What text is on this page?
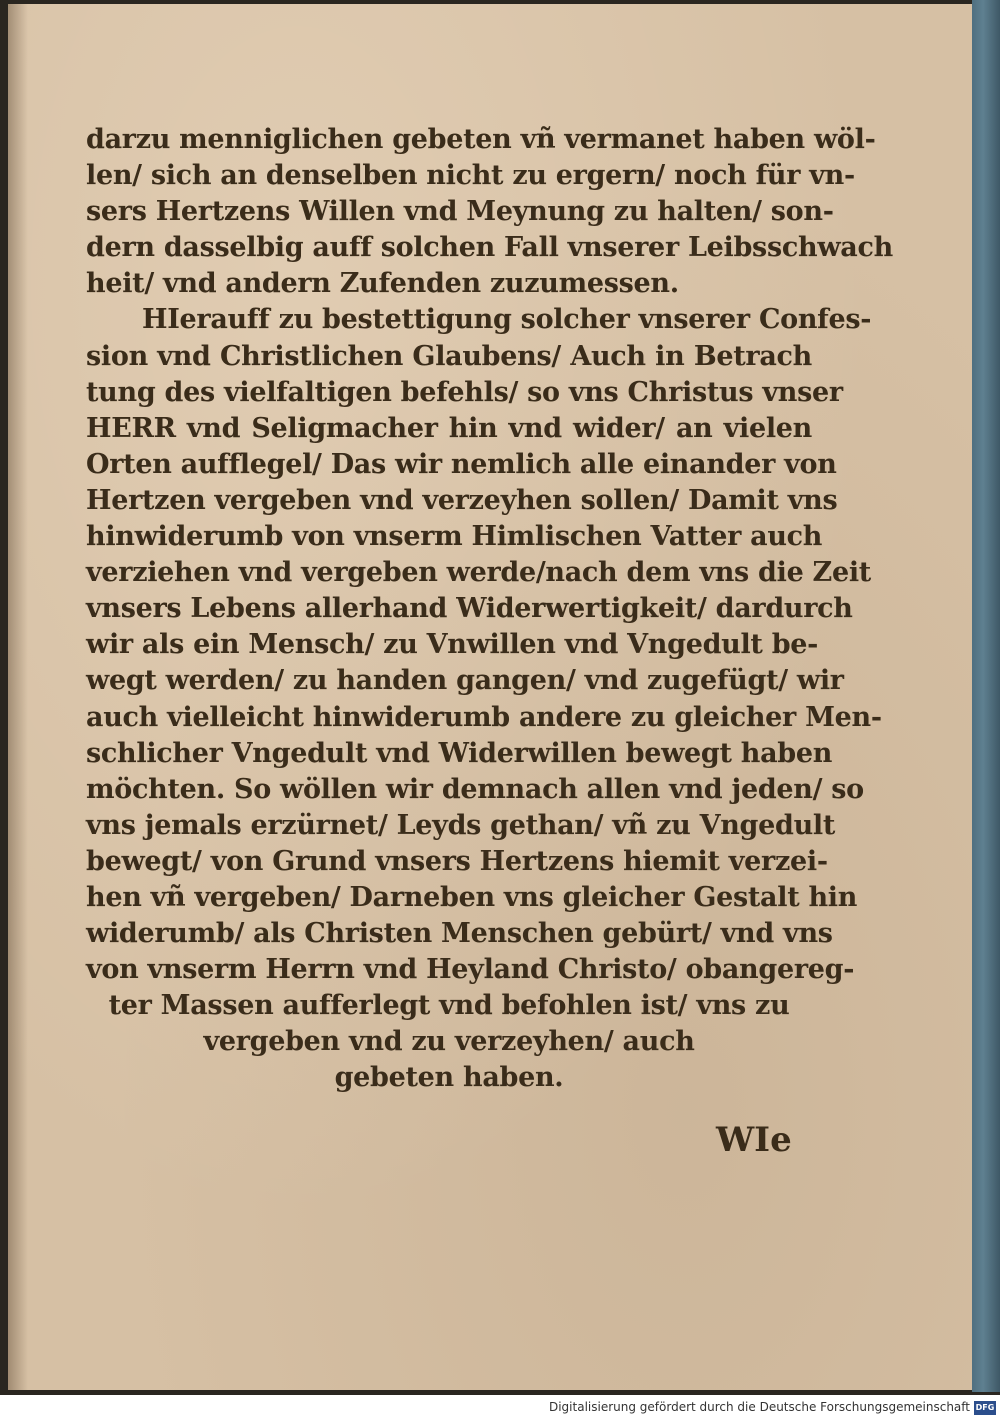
darzu menniglichen gebeten vñ vermanet haben wöl-
len/ sich an denselben nicht zu ergern/ noch für vn-
sers Hertzens Willen vnd Meynung zu halten/ son-
dern dasselbig auff solchen Fall vnserer Leibsschwach
heit/ vnd andern Zufenden zuzumessen.
HIerauff zu bestettigung solcher vnserer Confes-
sion vnd Christlichen Glaubens/ Auch in Betrach
tung des vielfaltigen befehls/ so vns Christus vnser
HERR vnd Seligmacher hin vnd wider/ an vielen
Orten aufflegel/ Das wir nemlich alle einander von
Hertzen vergeben vnd verzeyhen sollen/ Damit vns
hinwiderumb von vnserm Himlischen Vatter auch
verziehen vnd vergeben werde/nach dem vns die Zeit
vnsers Lebens allerhand Widerwertigkeit/ dardurch
wir als ein Mensch/ zu Vnwillen vnd Vngedult be-
wegt werden/ zu handen gangen/ vnd zugefügt/ wir
auch vielleicht hinwiderumb andere zu gleicher Men-
schlicher Vngedult vnd Widerwillen bewegt haben
möchten. So wöllen wir demnach allen vnd jeden/ so
vns jemals erzürnet/ Leyds gethan/ vñ zu Vngedult
bewegt/ von Grund vnsers Hertzens hiemit verzei-
hen vñ vergeben/ Darneben vns gleicher Gestalt hin
widerumb/ als Christen Menschen gebürt/ vnd vns
von vnserm Herrn vnd Heyland Christo/ obangereg-
ter Massen aufferlegt vnd befohlen ist/ vns zu
vergeben vnd zu verzeyhen/ auch
gebeten haben.
WIe
Digitalisierung gefördert durch die Deutsche Forschungsgemeinschaft DFG
